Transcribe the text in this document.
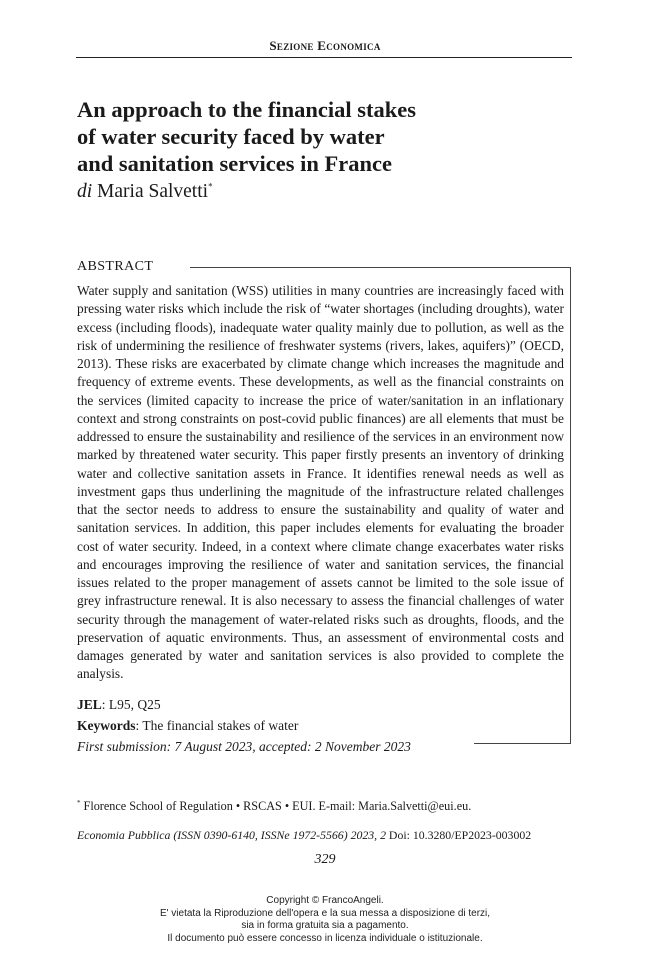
Sezione Economica
An approach to the financial stakes
of water security faced by water
and sanitation services in France
di Maria Salvetti*
ABSTRACT
Water supply and sanitation (WSS) utilities in many countries are increasingly faced with pressing water risks which include the risk of “water shortages (including droughts), water excess (including floods), inadequate water quality mainly due to pollution, as well as the risk of undermining the resilience of freshwater systems (rivers, lakes, aquifers)” (OECD, 2013). These risks are exacerbated by climate change which increases the magnitude and frequency of extreme events. These developments, as well as the financial constraints on the services (limited capacity to increase the price of water/sanitation in an inflationary context and strong constraints on post-covid public finances) are all elements that must be addressed to ensure the sustainability and resilience of the services in an environment now marked by threatened water security. This paper firstly presents an inventory of drinking water and collective sanitation assets in France. It identifies renewal needs as well as investment gaps thus underlining the magnitude of the infrastructure related challenges that the sector needs to address to ensure the sustainability and quality of water and sanitation services. In addition, this paper includes elements for evaluating the broader cost of water security. Indeed, in a context where climate change exacerbates water risks and encourages improving the resilience of water and sanitation services, the financial issues related to the proper management of assets cannot be limited to the sole issue of grey infrastructure renewal. It is also necessary to assess the financial challenges of water security through the management of water-related risks such as droughts, floods, and the preservation of aquatic environments. Thus, an assessment of environmental costs and damages generated by water and sanitation services is also provided to complete the analysis.
JEL: L95, Q25
Keywords: The financial stakes of water
First submission: 7 August 2023, accepted: 2 November 2023
* Florence School of Regulation • RSCAS • EUI. E-mail: Maria.Salvetti@eui.eu.
Economia Pubblica (ISSN 0390-6140, ISSNe 1972-5566) 2023, 2 Doi: 10.3280/EP2023-003002
329
Copyright © FrancoAngeli.
E' vietata la Riproduzione dell'opera e la sua messa a disposizione di terzi,
sia in forma gratuita sia a pagamento.
Il documento può essere concesso in licenza individuale o istituzionale.
